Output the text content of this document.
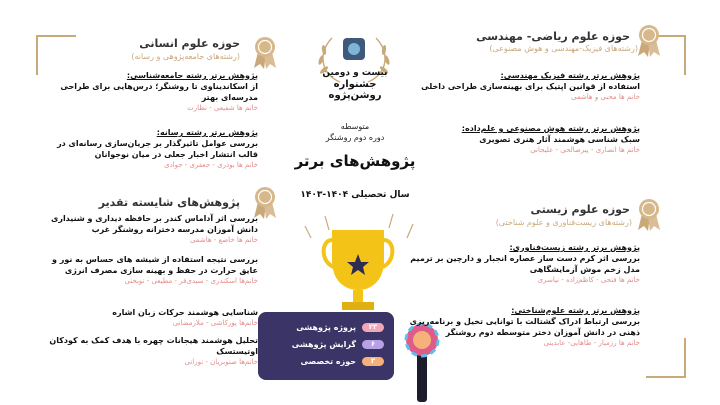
حوزه علوم انسانی
(رشته‌های جامعه‌پژوهی و رسانه)
پژوهش برتر رشته جامعه‌شناسی:
از اسکاندیناوی تا روشنگر؛ درس‌هایی برای طراحی مدرسه‌ای بهتر
خانم ها شفیعی - نظارت
پژوهش برتر رشته رسانه:
بررسی عوامل تاثیرگذار بر جریان‌سازی رسانه‌ای در قالب انتشار اخبار جعلی در میان نوجوانان
خانم ها بوذری - جعفری - جوادی
پژوهش‌های شایسته تقدیر
بررسی اثر آداماس کندر بر حافظه دیداری و شنیداری دانش آموزان مدرسه دخترانه روشنگر غرب
خانم ها خاضع - هاشمی
بررسی نتیجه استفاده از شیشه های حساس به نور و عایق حرارت در حفظ و بهینه سازی مصرف انرژی
خانم‌ها اسکندری - سیدی‌فر - مطیعی - نوبختی
شناسایی هوشمند حرکات زبان اشاره
خانم‌ها پورکاشی - ملارمضانی
تحلیل هوشمند هیجانات چهره با هدف کمک به کودکان اوتیستسک
خانم‌ها صنوبریان - نورانی
بیست و دومین
جشنواره
روشن‌پژوه
متوسطه
دوره دوم روشنگر
پژوهش‌های برتر
سال تحصیلی ۱۴۰۴-۱۴۰۳
۲۳
پروژه پژوهشی
۶
گرایش پژوهشی
۳
حوزه تخصصی
حوزه علوم ریاضی- مهندسی
(رشته‌های فیزیک-مهندسی و هوش مصنوعی)
پژوهش برتر رشته فیزیک مهندسی:
استفاده از قوانین اپتیک برای بهینه‌سازی طراحی داخلی
خانم ها محبی و هاشمی
پژوهش برتر رشته هوش مصنوعی و علم‌داده:
سبک شناسی هوشمند آثار هنری تصویری
خانم ها انصاری - پیرصالحی - علیجانی
حوزه علوم زیستی
(رشته‌های زیست‌فناوری و علوم شناختی)
پژوهش برتر رشته زیست‌فناوری:
بررسی اثر کرم دست ساز عصاره انجبار و دارچین بر ترمیم مدل زخم موش آزمایشگاهی
خانم ها فتحی - کاظم‌زاده - نیاسری
پژوهش برتر رشته علوم‌شناختی:
بررسی ارتباط ادراک گشتالت با توانایی تخیل و برنامه‌ریزی ذهنی در دانش آموزان دختر متوسطه دوم روشنگر
خانم ها رزمیار - طاهایی- عابدینی
